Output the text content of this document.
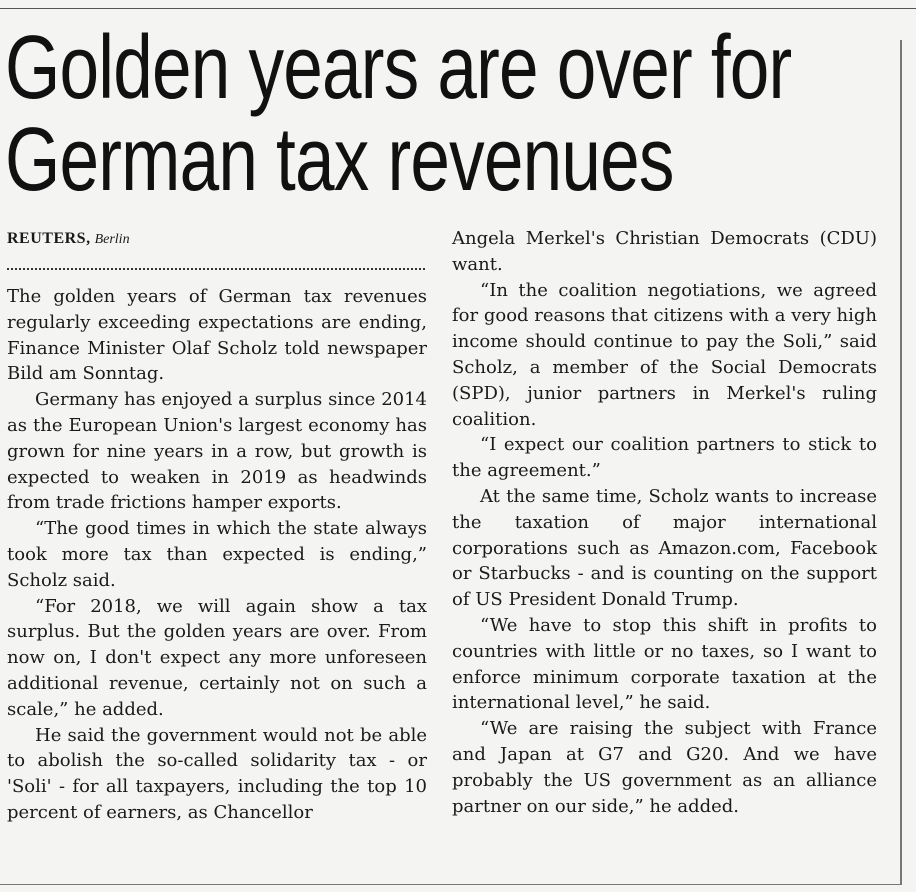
Golden years are over for
German tax revenues
REUTERS, Berlin

The golden years of German tax revenues regularly exceeding expectations are ending, Finance Minister Olaf Scholz told newspaper Bild am Sonntag.

Germany has enjoyed a surplus since 2014 as the European Union's largest economy has grown for nine years in a row, but growth is expected to weaken in 2019 as headwinds from trade frictions hamper exports.

“The good times in which the state always took more tax than expected is ending,” Scholz said.

“For 2018, we will again show a tax surplus. But the golden years are over. From now on, I don't expect any more unforeseen additional revenue, certainly not on such a scale,” he added.

He said the government would not be able to abolish the so-called solidarity tax - or 'Soli' - for all taxpayers, including the top 10 percent of earners, as Chancellor

Angela Merkel's Christian Democrats (CDU) want.

“In the coalition negotiations, we agreed for good reasons that citizens with a very high income should continue to pay the Soli,” said Scholz, a member of the Social Democrats (SPD), junior partners in Merkel's ruling coalition.

“I expect our coalition partners to stick to the agreement.”

At the same time, Scholz wants to increase the taxation of major international corporations such as Amazon.com, Facebook or Starbucks - and is counting on the support of US President Donald Trump.

“We have to stop this shift in profits to countries with little or no taxes, so I want to enforce minimum corporate taxation at the international level,” he said.

“We are raising the subject with France and Japan at G7 and G20. And we have probably the US government as an alliance partner on our side,” he added.
